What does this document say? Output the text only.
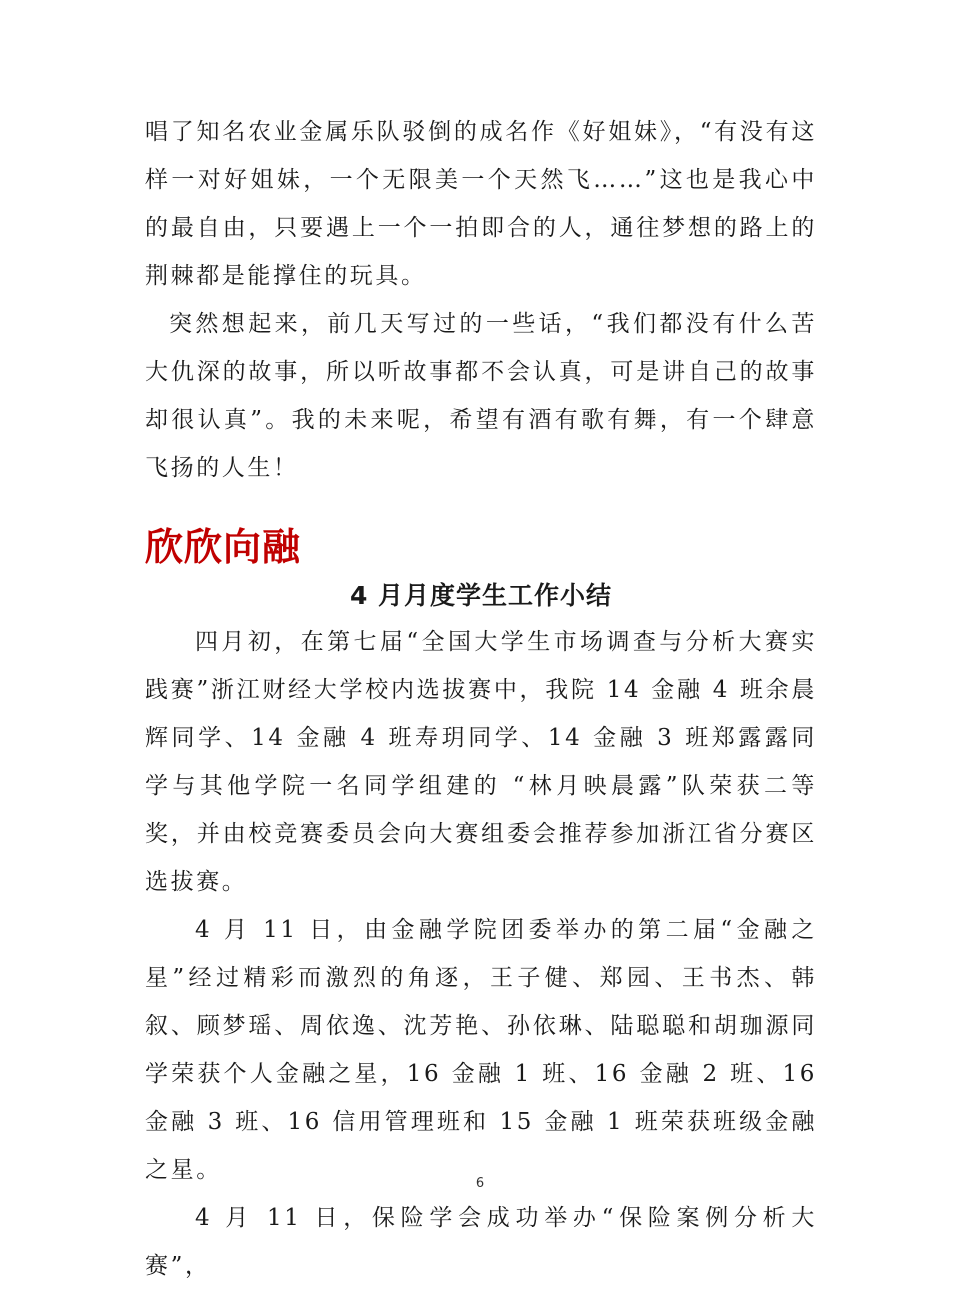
唱了知名农业金属乐队驳倒的成名作《好姐妹》，“有没有这样一对好姐妹，一个无限美一个天然飞……”这也是我心中的最自由，只要遇上一个一拍即合的人，通往梦想的路上的荆棘都是能撑住的玩具。

突然想起来，前几天写过的一些话，“我们都没有什么苦大仇深的故事，所以听故事都不会认真，可是讲自己的故事却很认真”。我的未来呢，希望有酒有歌有舞，有一个肆意飞扬的人生！

欣欣向融
4 月月度学生工作小结

四月初，在第七届“全国大学生市场调查与分析大赛实践赛”浙江财经大学校内选拔赛中，我院 14 金融 4 班余晨辉同学、14 金融 4 班寿玥同学、14 金融 3 班郑露露同学与其他学院一名同学组建的 “林月映晨露”队荣获二等奖，并由校竞赛委员会向大赛组委会推荐参加浙江省分赛区选拔赛。

4 月 11 日，由金融学院团委举办的第二届“金融之星”经过精彩而激烈的角逐，王子健、郑园、王书杰、韩叙、顾梦瑶、周依逸、沈芳艳、孙依琳、陆聪聪和胡珈源同学荣获个人金融之星，16 金融 1 班、16 金融 2 班、16 金融 3 班、16 信用管理班和 15 金融 1 班荣获班级金融之星。

4 月 11 日，保险学会成功举办“保险案例分析大赛”，

6
